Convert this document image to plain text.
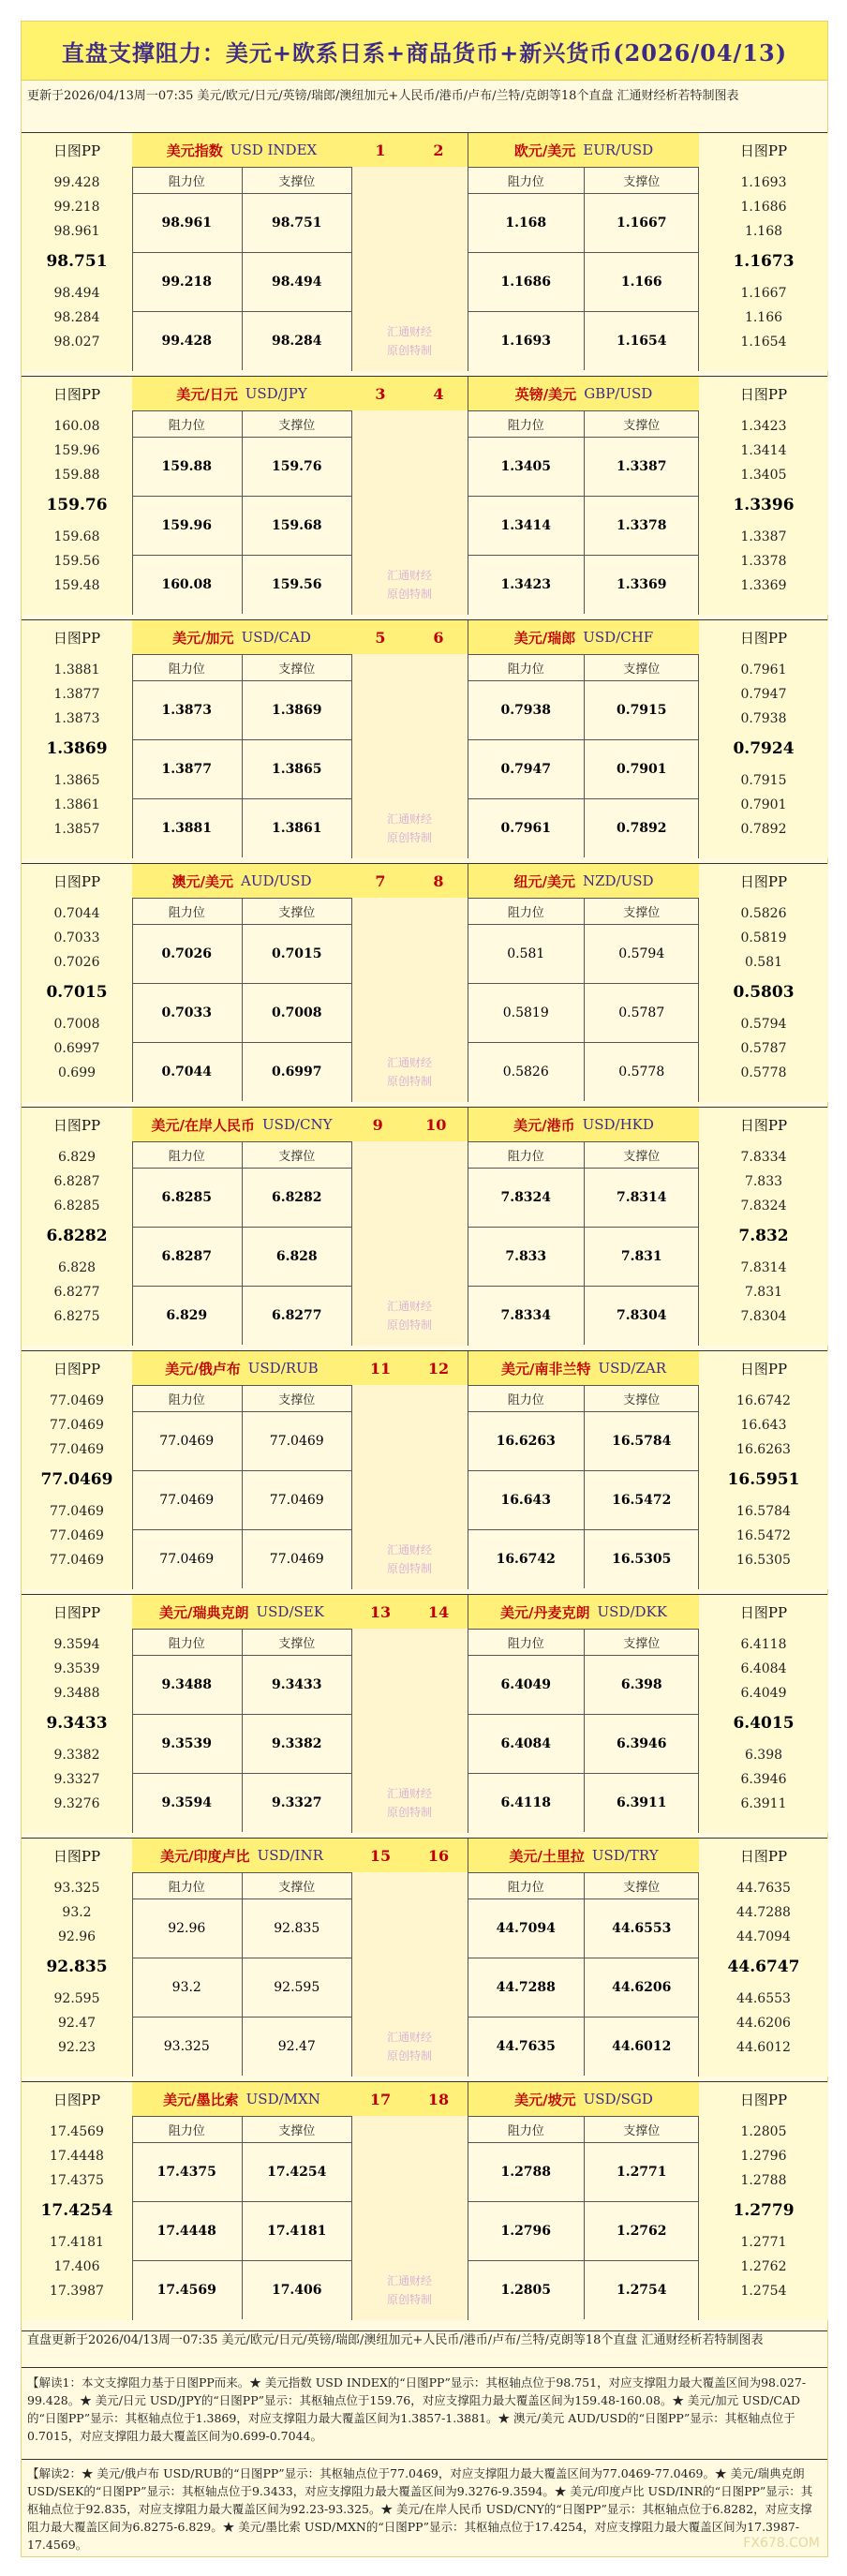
直盘支撑阻力：美元+欧系日系+商品货币+新兴货币(2026/04/13)
更新于2026/04/13周一07:35 美元/欧元/日元/英镑/瑞郎/澳纽加元+人民币/港币/卢布/兰特/克朗等18个直盘 汇通财经析若特制图表
日图PP
99.428
99.218
98.961
98.751
98.494
98.284
98.027
日图PP
1.1693
1.1686
1.168
1.1673
1.1667
1.166
1.1654
美元指数 USD INDEX	欧元/美元 EUR/USD
1	2
汇通财经
原创特制
阻力位	支撑位
98.961	98.751
99.218	98.494
99.428	98.284
阻力位	支撑位
1.168	1.1667
1.1686	1.166
1.1693	1.1654
日图PP
160.08
159.96
159.88
159.76
159.68
159.56
159.48
日图PP
1.3423
1.3414
1.3405
1.3396
1.3387
1.3378
1.3369
美元/日元 USD/JPY	英镑/美元 GBP/USD
3	4
汇通财经
原创特制
阻力位	支撑位
159.88	159.76
159.96	159.68
160.08	159.56
阻力位	支撑位
1.3405	1.3387
1.3414	1.3378
1.3423	1.3369
日图PP
1.3881
1.3877
1.3873
1.3869
1.3865
1.3861
1.3857
日图PP
0.7961
0.7947
0.7938
0.7924
0.7915
0.7901
0.7892
美元/加元 USD/CAD	美元/瑞郎 USD/CHF
5	6
汇通财经
原创特制
阻力位	支撑位
1.3873	1.3869
1.3877	1.3865
1.3881	1.3861
阻力位	支撑位
0.7938	0.7915
0.7947	0.7901
0.7961	0.7892
日图PP
0.7044
0.7033
0.7026
0.7015
0.7008
0.6997
0.699
日图PP
0.5826
0.5819
0.581
0.5803
0.5794
0.5787
0.5778
澳元/美元 AUD/USD	纽元/美元 NZD/USD
7	8
汇通财经
原创特制
阻力位	支撑位
0.7026	0.7015
0.7033	0.7008
0.7044	0.6997
阻力位	支撑位
0.581	0.5794
0.5819	0.5787
0.5826	0.5778
日图PP
6.829
6.8287
6.8285
6.8282
6.828
6.8277
6.8275
日图PP
7.8334
7.833
7.8324
7.832
7.8314
7.831
7.8304
美元/在岸人民币 USD/CNY	美元/港币 USD/HKD
9	10
汇通财经
原创特制
阻力位	支撑位
6.8285	6.8282
6.8287	6.828
6.829	6.8277
阻力位	支撑位
7.8324	7.8314
7.833	7.831
7.8334	7.8304
日图PP
77.0469
77.0469
77.0469
77.0469
77.0469
77.0469
77.0469
日图PP
16.6742
16.643
16.6263
16.5951
16.5784
16.5472
16.5305
美元/俄卢布 USD/RUB	美元/南非兰特 USD/ZAR
11 12
汇通财经
原创特制
阻力位	支撑位
77.0469	77.0469
77.0469	77.0469
77.0469	77.0469
阻力位	支撑位
16.6263	16.5784
16.643	16.5472
16.6742	16.5305
日图PP
9.3594
9.3539
9.3488
9.3433
9.3382
9.3327
9.3276
日图PP
6.4118
6.4084
6.4049
6.4015
6.398
6.3946
6.3911
美元/瑞典克朗 USD/SEK	美元/丹麦克朗 USD/DKK
13 14
汇通财经
原创特制
阻力位	支撑位
9.3488	9.3433
9.3539	9.3382
9.3594	9.3327
阻力位	支撑位
6.4049	6.398
6.4084	6.3946
6.4118	6.3911
日图PP
93.325
93.2
92.96
92.835
92.595
92.47
92.23
日图PP
44.7635
44.7288
44.7094
44.6747
44.6553
44.6206
44.6012
美元/印度卢比 USD/INR	美元/土里拉 USD/TRY
15 16
汇通财经
原创特制
阻力位	支撑位
92.96	92.835
93.2	92.595
93.325	92.47
阻力位	支撑位
44.7094	44.6553
44.7288	44.6206
44.7635	44.6012
日图PP
17.4569
17.4448
17.4375
17.4254
17.4181
17.406
17.3987
日图PP
1.2805
1.2796
1.2788
1.2779
1.2771
1.2762
1.2754
美元/墨比索 USD/MXN	美元/坡元 USD/SGD
17 18
汇通财经
原创特制
阻力位	支撑位
17.4375	17.4254
17.4448	17.4181
17.4569	17.406
阻力位	支撑位
1.2788	1.2771
1.2796	1.2762
1.2805	1.2754
直盘更新于2026/04/13周一07:35 美元/欧元/日元/英镑/瑞郎/澳纽加元+人民币/港币/卢布/兰特/克朗等18个直盘 汇通财经析若特制图表
【解读1：本文支撑阻力基于日图PP而来。★ 美元指数 USD INDEX的“日图PP”显示：其枢轴点位于98.751，对应支撑阻力最大覆盖区间为98.027-99.428。★ 美元/日元 USD/JPY的“日图PP”显示：其枢轴点位于159.76，对应支撑阻力最大覆盖区间为159.48-160.08。★ 美元/加元 USD/CAD的“日图PP”显示：其枢轴点位于1.3869，对应支撑阻力最大覆盖区间为1.3857-1.3881。★ 澳元/美元 AUD/USD的“日图PP”显示：其枢轴点位于0.7015，对应支撑阻力最大覆盖区间为0.699-0.7044。
【解读2：★ 美元/俄卢布 USD/RUB的“日图PP”显示：其枢轴点位于77.0469，对应支撑阻力最大覆盖区间为77.0469-77.0469。★ 美元/瑞典克朗 USD/SEK的“日图PP”显示：其枢轴点位于9.3433，对应支撑阻力最大覆盖区间为9.3276-9.3594。★ 美元/印度卢比 USD/INR的“日图PP”显示：其枢轴点位于92.835，对应支撑阻力最大覆盖区间为92.23-93.325。★ 美元/在岸人民币 USD/CNY的“日图PP”显示：其枢轴点位于6.8282，对应支撑阻力最大覆盖区间为6.8275-6.829。★ 美元/墨比索 USD/MXN的“日图PP”显示：其枢轴点位于17.4254，对应支撑阻力最大覆盖区间为17.3987-17.4569。	FX678.COM
